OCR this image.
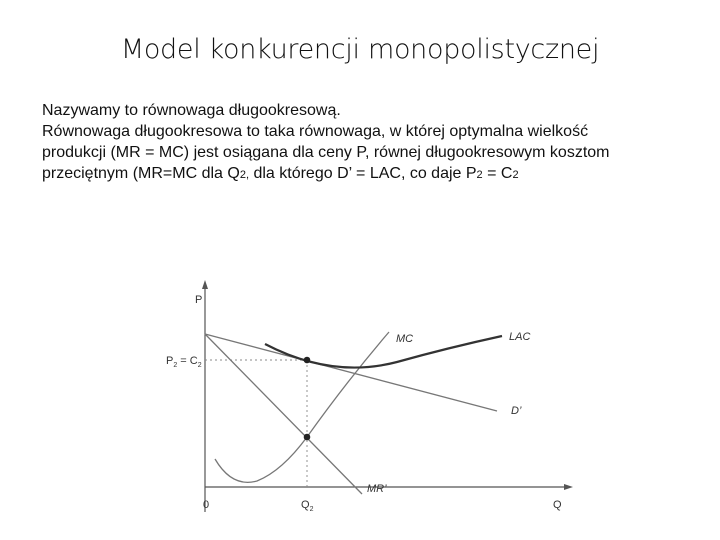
Model konkurencji monopolistycznej
Nazywamy to równowaga długookresową.
Równowaga długookresowa to taka równowaga, w której optymalna wielkość
produkcji (MR = MC) jest osiągana dla ceny P, równej długookresowym kosztom
przeciętnym (MR=MC dla Q2, dla którego D’ = LAC, co daje P2 = C2
P
Q
0
$P_2 = C_2$
$Q_2$
MC	LAC
D’
MR’
